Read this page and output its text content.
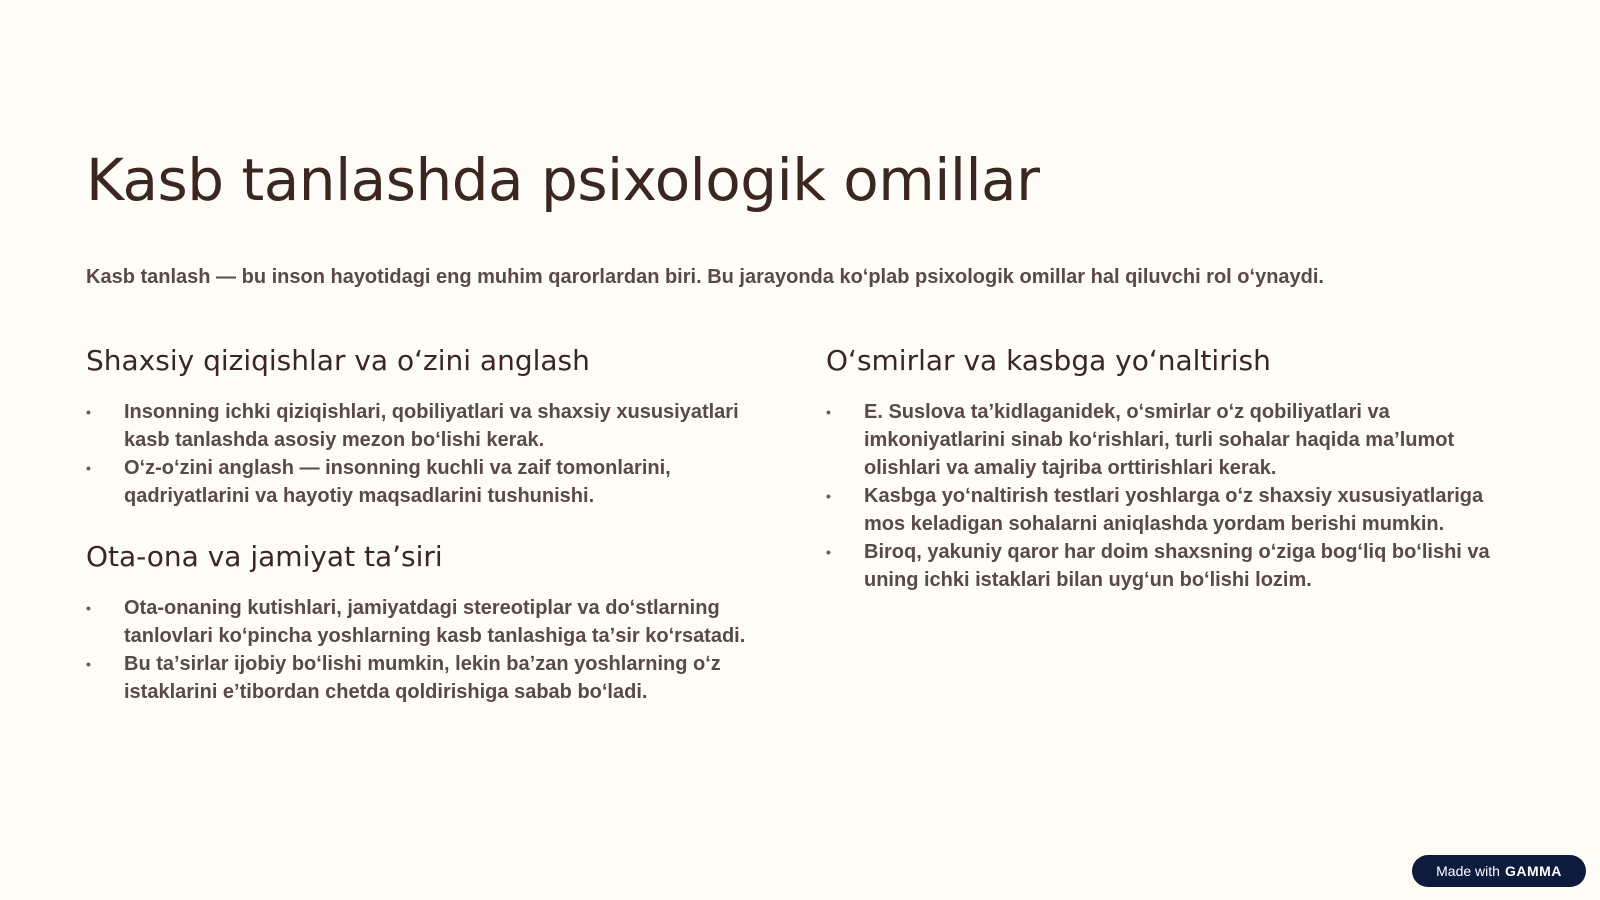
Kasb tanlashda psixologik omillar

Kasb tanlash — bu inson hayotidagi eng muhim qarorlardan biri. Bu jarayonda koʻplab psixologik omillar hal qiluvchi rol oʻynaydi.

Shaxsiy qiziqishlar va oʻzini anglash
• Insonning ichki qiziqishlari, qobiliyatlari va shaxsiy xususiyatlari kasb tanlashda asosiy mezon boʻlishi kerak.
• Oʻz-oʻzini anglash — insonning kuchli va zaif tomonlarini, qadriyatlarini va hayotiy maqsadlarini tushunishi.
Ota-ona va jamiyat taʼsiri
• Ota-onaning kutishlari, jamiyatdagi stereotiplar va doʻstlarning tanlovlari koʻpincha yoshlarning kasb tanlashiga taʼsir koʻrsatadi.
• Bu taʼsirlar ijobiy boʻlishi mumkin, lekin baʼzan yoshlarning oʻz istaklarini eʼtibordan chetda qoldirishiga sabab boʻladi.
Oʻsmirlar va kasbga yoʻnaltirish
• E. Suslova taʼkidlaganidek, oʻsmirlar oʻz qobiliyatlari va imkoniyatlarini sinab koʻrishlari, turli sohalar haqida maʼlumot olishlari va amaliy tajriba orttirishlari kerak.
• Kasbga yoʻnaltirish testlari yoshlarga oʻz shaxsiy xususiyatlariga mos keladigan sohalarni aniqlashda yordam berishi mumkin.
• Biroq, yakuniy qaror har doim shaxsning oʻziga bogʻliq boʻlishi va uning ichki istaklari bilan uygʻun boʻlishi lozim.
Made with GAMMA
